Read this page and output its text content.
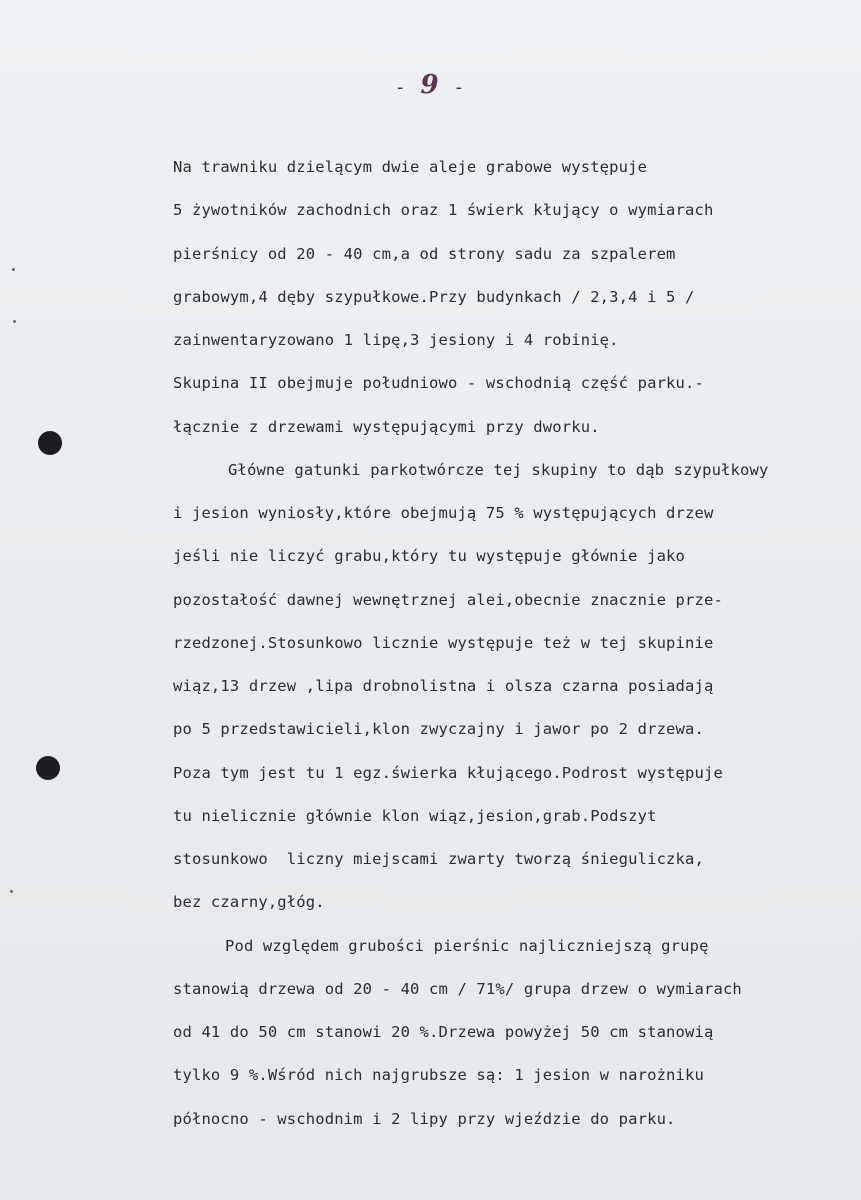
- 9 -
Na trawniku dzielącym dwie aleje grabowe występuje
5 żywotników zachodnich oraz 1 świerk kłujący o wymiarach
pierśnicy od 20 - 40 cm,a od strony sadu za szpalerem
grabowym,4 dęby szypułkowe.Przy budynkach / 2,3,4 i 5 /
zainwentaryzowano 1 lipę,3 jesiony i 4 robinię.
Skupina II obejmuje południowo - wschodnią część parku.-
łącznie z drzewami występującymi przy dworku.
Główne gatunki parkotwórcze tej skupiny to dąb szypułkowy
i jesion wyniosły,które obejmują 75 % występujących drzew
jeśli nie liczyć grabu,który tu występuje głównie jako
pozostałość dawnej wewnętrznej alei,obecnie znacznie prze-
rzedzonej.Stosunkowo licznie występuje też w tej skupinie
wiąz,13 drzew ,lipa drobnolistna i olsza czarna posiadają
po 5 przedstawicieli,klon zwyczajny i jawor po 2 drzewa.
Poza tym jest tu 1 egz.świerka kłującego.Podrost występuje
tu nielicznie głównie klon wiąz,jesion,grab.Podszyt
stosunkowo  liczny miejscami zwarty tworzą śnieguliczka,
bez czarny,głóg.
Pod względem grubości pierśnic najliczniejszą grupę
stanowią drzewa od 20 - 40 cm / 71%/ grupa drzew o wymiarach
od 41 do 50 cm stanowi 20 %.Drzewa powyżej 50 cm stanowią
tylko 9 %.Wśród nich najgrubsze są: 1 jesion w narożniku
północno - wschodnim i 2 lipy przy wjeździe do parku.
